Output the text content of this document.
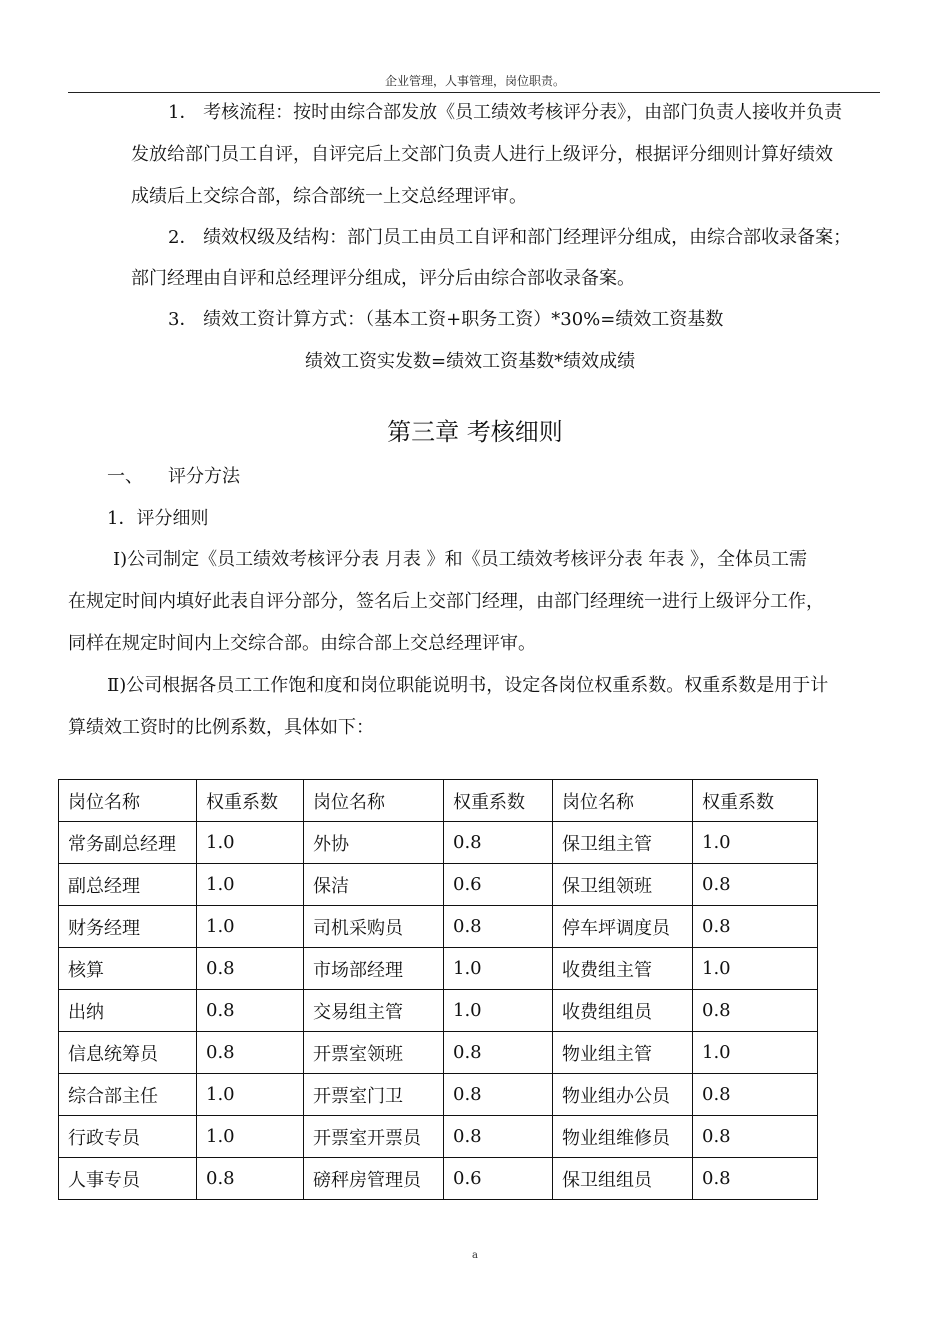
企业管理，人事管理，岗位职责。
1． 考核流程：按时由综合部发放《员工绩效考核评分表》，由部门负责人接收并负责
发放给部门员工自评，自评完后上交部门负责人进行上级评分，根据评分细则计算好绩效
成绩后上交综合部，综合部统一上交总经理评审。
2． 绩效权级及结构：部门员工由员工自评和部门经理评分组成，由综合部收录备案；
部门经理由自评和总经理评分组成，评分后由综合部收录备案。
3． 绩效工资计算方式：（基本工资+职务工资）*30%=绩效工资基数
绩效工资实发数=绩效工资基数*绩效成绩
第三章 考核细则
一、 评分方法
1．评分细则
Ⅰ)公司制定《员工绩效考核评分表 月表 》和《员工绩效考核评分表 年表 》，全体员工需
在规定时间内填好此表自评分部分，签名后上交部门经理，由部门经理统一进行上级评分工作，
同样在规定时间内上交综合部。由综合部上交总经理评审。
Ⅱ)公司根据各员工工作饱和度和岗位职能说明书，设定各岗位权重系数。权重系数是用于计
算绩效工资时的比例系数，具体如下：
岗位名称	权重系数	岗位名称	权重系数	岗位名称	权重系数
常务副总经理	1.0	外协	0.8	保卫组主管	1.0
副总经理	1.0	保洁	0.6	保卫组领班	0.8
财务经理	1.0	司机采购员	0.8	停车坪调度员	0.8
核算	0.8	市场部经理	1.0	收费组主管	1.0
出纳	0.8	交易组主管	1.0	收费组组员	0.8
信息统筹员	0.8	开票室领班	0.8	物业组主管	1.0
综合部主任	1.0	开票室门卫	0.8	物业组办公员	0.8
行政专员	1.0	开票室开票员	0.8	物业组维修员	0.8
人事专员	0.8	磅秤房管理员	0.6	保卫组组员	0.8
a
